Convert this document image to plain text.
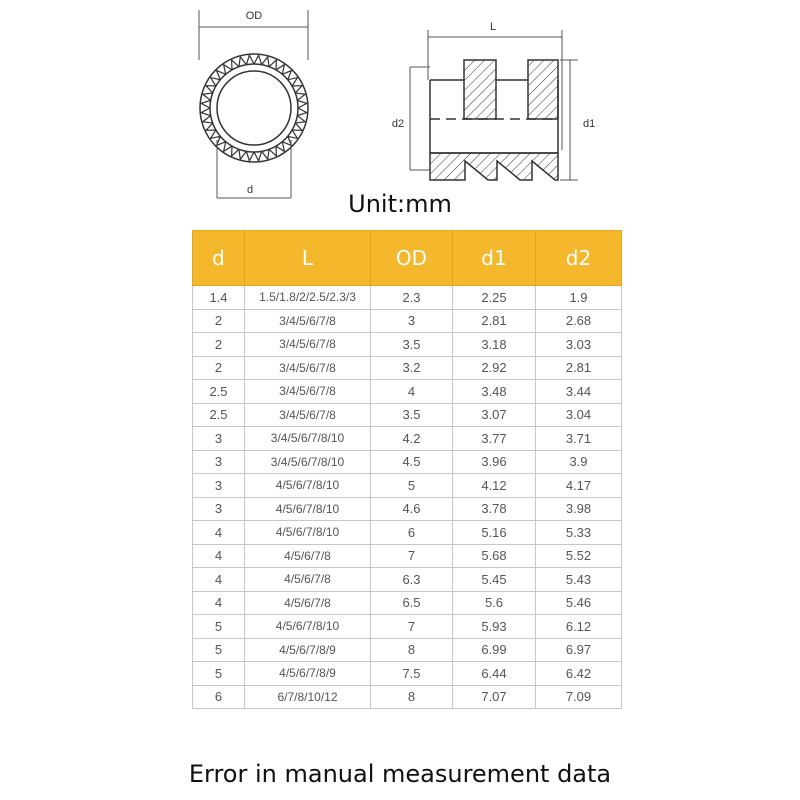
OD
d
L
d2	d1
Unit:mm
d	L	OD	d1	d2
1.4	1.5/1.8/2/2.5/2.3/3	2.3	2.25	1.9
2	3/4/5/6/7/8	3	2.81	2.68
2	3/4/5/6/7/8	3.5	3.18	3.03
2	3/4/5/6/7/8	3.2	2.92	2.81
2.5	3/4/5/6/7/8	4	3.48	3.44
2.5	3/4/5/6/7/8	3.5	3.07	3.04
3	3/4/5/6/7/8/10	4.2	3.77	3.71
3	3/4/5/6/7/8/10	4.5	3.96	3.9
3	4/5/6/7/8/10	5	4.12	4.17
3	4/5/6/7/8/10	4.6	3.78	3.98
4	4/5/6/7/8/10	6	5.16	5.33
4	4/5/6/7/8	7	5.68	5.52
4	4/5/6/7/8	6.3	5.45	5.43
4	4/5/6/7/8	6.5	5.6	5.46
5	4/5/6/7/8/10	7	5.93	6.12
5	4/5/6/7/8/9	8	6.99	6.97
5	4/5/6/7/8/9	7.5	6.44	6.42
6	6/7/8/10/12	8	7.07	7.09
Error in manual measurement data
